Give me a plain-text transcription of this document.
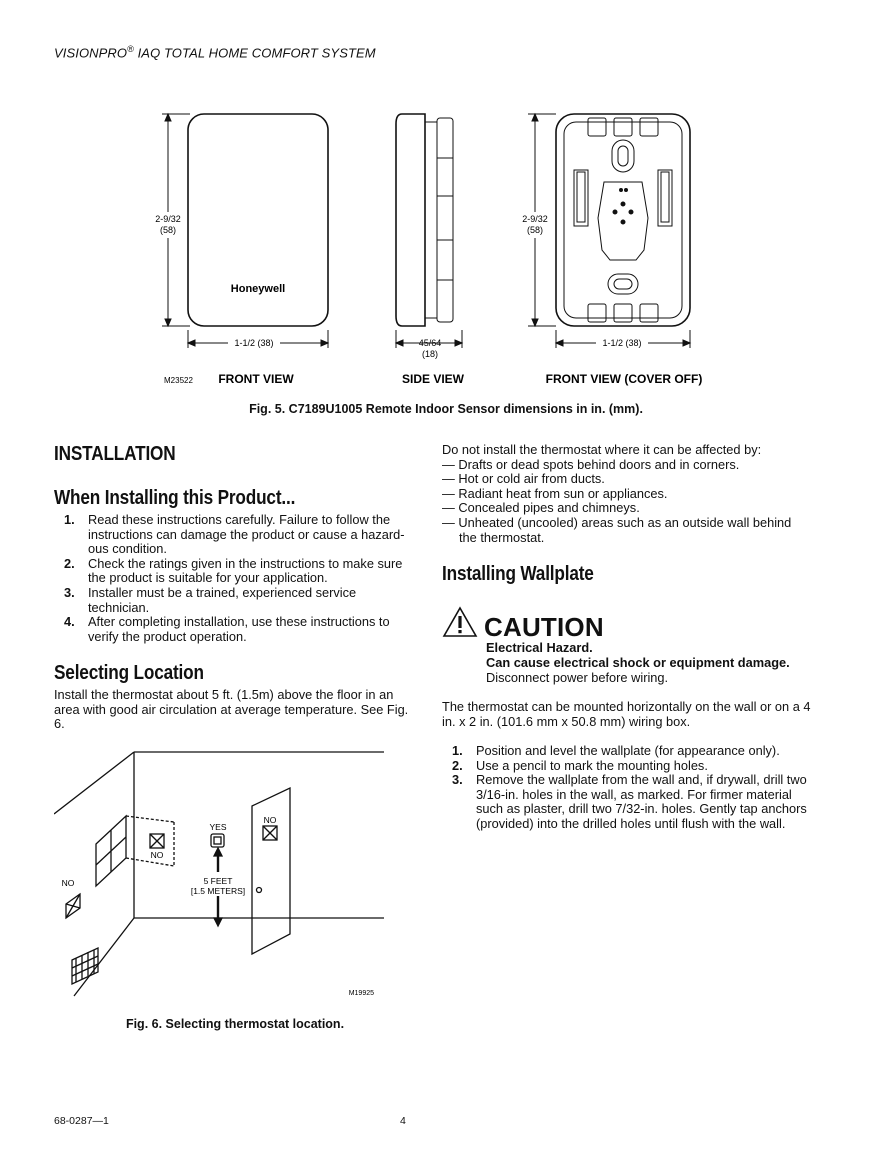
VISIONPRO® IAQ TOTAL HOME COMFORT SYSTEM
2-9/32
(58)
Honeywell
1-1/2 (38)	45/64
(18)
2-9/32
(58)
1-1/2 (38)
M23522 FRONT VIEW	SIDE VIEW	FRONT VIEW (COVER OFF)
Fig. 5. C7189U1005 Remote Indoor Sensor dimensions in in. (mm).
INSTALLATION
When Installing this Product...
1. Read these instructions carefully. Failure to follow the instructions can damage the product or cause a hazard-ous condition.
2. Check the ratings given in the instructions to make sure the product is suitable for your application.
3. Installer must be a trained, experienced service technician.
4. After completing installation, use these instructions to verify the product operation.
Selecting Location
Install the thermostat about 5 ft. (1.5m) above the floor in an area with good air circulation at average temperature. See Fig. 6.
YES
NO
NO
NO	5 FEET
[1.5 METERS]
M19925
Fig. 6. Selecting thermostat location.
Do not install the thermostat where it can be affected by:
— Drafts or dead spots behind doors and in corners.
— Hot or cold air from ducts.
— Radiant heat from sun or appliances.
— Concealed pipes and chimneys.
— Unheated (uncooled) areas such as an outside wall behind
the thermostat.
Installing Wallplate
CAUTION
Electrical Hazard.
Can cause electrical shock or equipment damage.
Disconnect power before wiring.
The thermostat can be mounted horizontally on the wall or on a 4 in. x 2 in. (101.6 mm x 50.8 mm) wiring box.
1. Position and level the wallplate (for appearance only).
2. Use a pencil to mark the mounting holes.
3. Remove the wallplate from the wall and, if drywall, drill two 3/16-in. holes in the wall, as marked. For firmer material such as plaster, drill two 7/32-in. holes. Gently tap anchors (provided) into the drilled holes until flush with the wall.
68-0287—1	4
